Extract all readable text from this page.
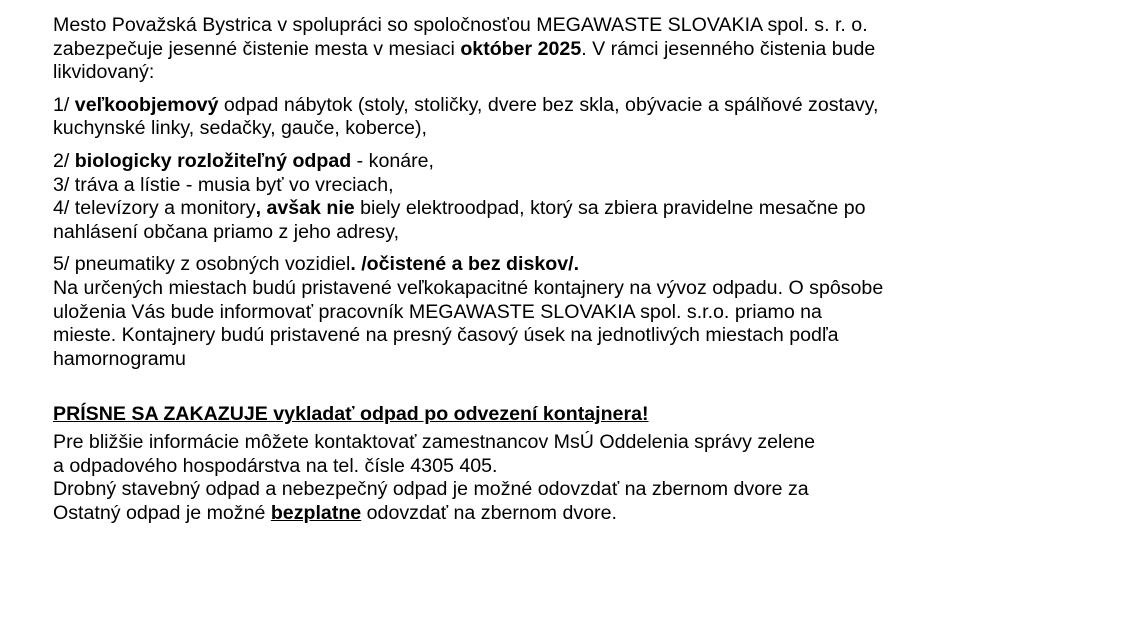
Mesto Považská Bystrica v spolupráci so spoločnosťou MEGAWASTE SLOVAKIA spol. s. r. o.
zabezpečuje jesenné čistenie mesta v mesiaci október 2025. V rámci jesenného čistenia bude
likvidovaný:

1/ veľkoobjemový odpad nábytok (stoly, stoličky, dvere bez skla, obývacie a spálňové zostavy,
kuchynské linky, sedačky, gauče, koberce),

2/ biologicky rozložiteľný odpad - konáre,
3/ tráva a lístie - musia byť vo vreciach,
4/ televízory a monitory, avšak nie biely elektroodpad, ktorý sa zbiera pravidelne mesačne po
nahlásení občana priamo z jeho adresy,

5/ pneumatiky z osobných vozidiel. /očistené a bez diskov/.
Na určených miestach budú pristavené veľkokapacitné kontajnery na vývoz odpadu. O spôsobe
uloženia Vás bude informovať pracovník MEGAWASTE SLOVAKIA spol. s.r.o. priamo na
mieste. Kontajnery budú pristavené na presný časový úsek na jednotlivých miestach podľa
hamornogramu

PRÍSNE SA ZAKAZUJE vykladať odpad po odvezení kontajnera!

Pre bližšie informácie môžete kontaktovať zamestnancov MsÚ Oddelenia správy zelene
a odpadového hospodárstva na tel. čísle 4305 405.
Drobný stavebný odpad a nebezpečný odpad je možné odovzdať na zbernom dvore za
Ostatný odpad je možné bezplatne odovzdať na zbernom dvore.
